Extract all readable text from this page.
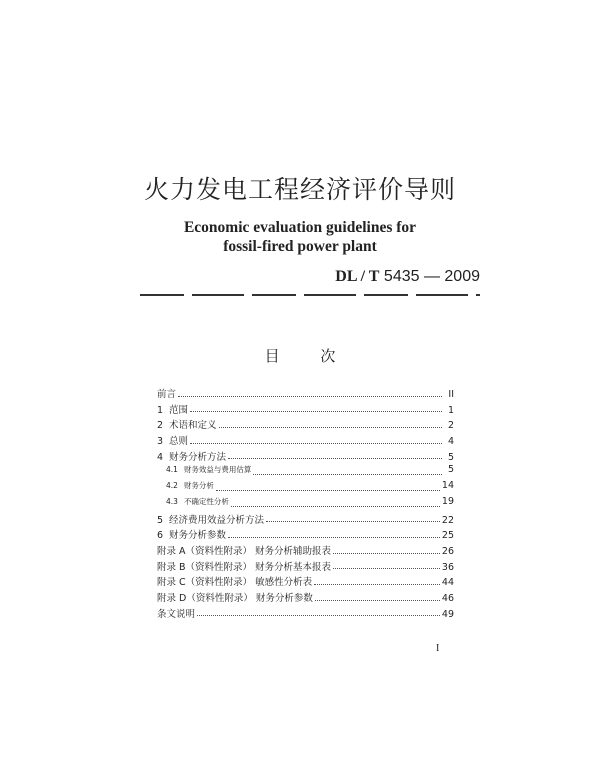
火力发电工程经济评价导则
Economic evaluation guidelines for
fossil-fired power plant
DL / T 5435 — 2009
目	次
前言	II
1 范围	1
2 术语和定义	2
3 总则	4
4 财务分析方法	5
4.1 财务效益与费用估算	5
4.2 财务分析	14
4.3 不确定性分析	19
5 经济费用效益分析方法	22
6 财务分析参数	25
附录 A（资料性附录） 财务分析辅助报表	26
附录 B（资料性附录） 财务分析基本报表	36
附录 C（资料性附录） 敏感性分析表	44
附录 D（资料性附录） 财务分析参数	46
条文说明	49
I
